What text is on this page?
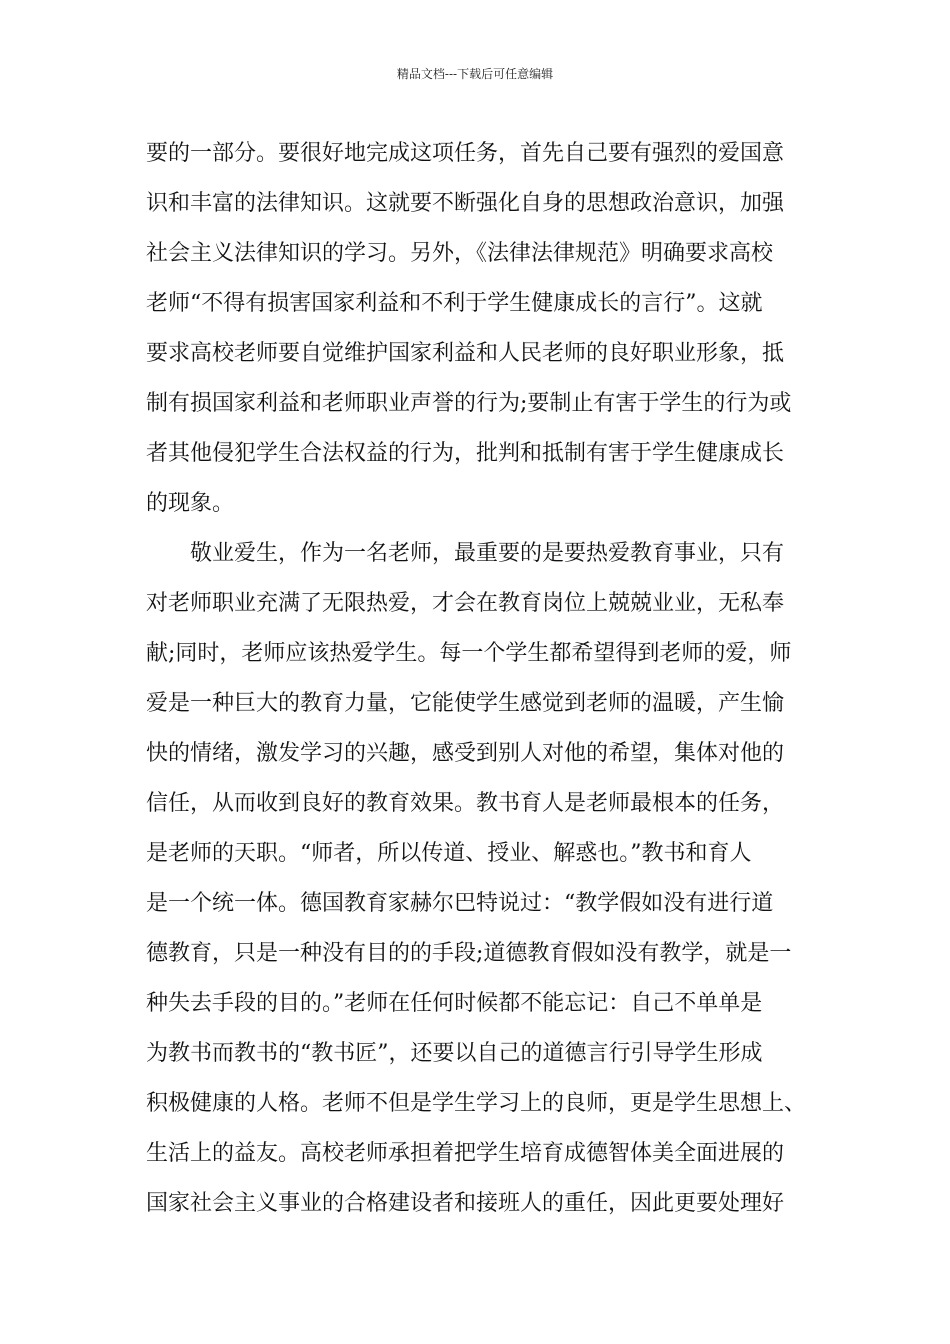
精品文档---下载后可任意编辑
要的一部分。要很好地完成这项任务，首先自己要有强烈的爱国意
识和丰富的法律知识。这就要不断强化自身的思想政治意识，加强
社会主义法律知识的学习。另外，《法律法律规范》明确要求高校
老师“不得有损害国家利益和不利于学生健康成长的言行”。这就
要求高校老师要自觉维护国家利益和人民老师的良好职业形象，抵
制有损国家利益和老师职业声誉的行为;要制止有害于学生的行为或
者其他侵犯学生合法权益的行为，批判和抵制有害于学生健康成长
的现象。
敬业爱生，作为一名老师，最重要的是要热爱教育事业，只有
对老师职业充满了无限热爱，才会在教育岗位上兢兢业业，无私奉
献;同时，老师应该热爱学生。每一个学生都希望得到老师的爱，师
爱是一种巨大的教育力量，它能使学生感觉到老师的温暖，产生愉
快的情绪，激发学习的兴趣，感受到别人对他的希望，集体对他的
信任，从而收到良好的教育效果。教书育人是老师最根本的任务，
是老师的天职。“师者，所以传道、授业、解惑也。”教书和育人
是一个统一体。德国教育家赫尔巴特说过：“教学假如没有进行道
德教育，只是一种没有目的的手段;道德教育假如没有教学，就是一
种失去手段的目的。”老师在任何时候都不能忘记：自己不单单是
为教书而教书的“教书匠”，还要以自己的道德言行引导学生形成
积极健康的人格。老师不但是学生学习上的良师，更是学生思想上、
生活上的益友。高校老师承担着把学生培育成德智体美全面进展的
国家社会主义事业的合格建设者和接班人的重任，因此更要处理好
